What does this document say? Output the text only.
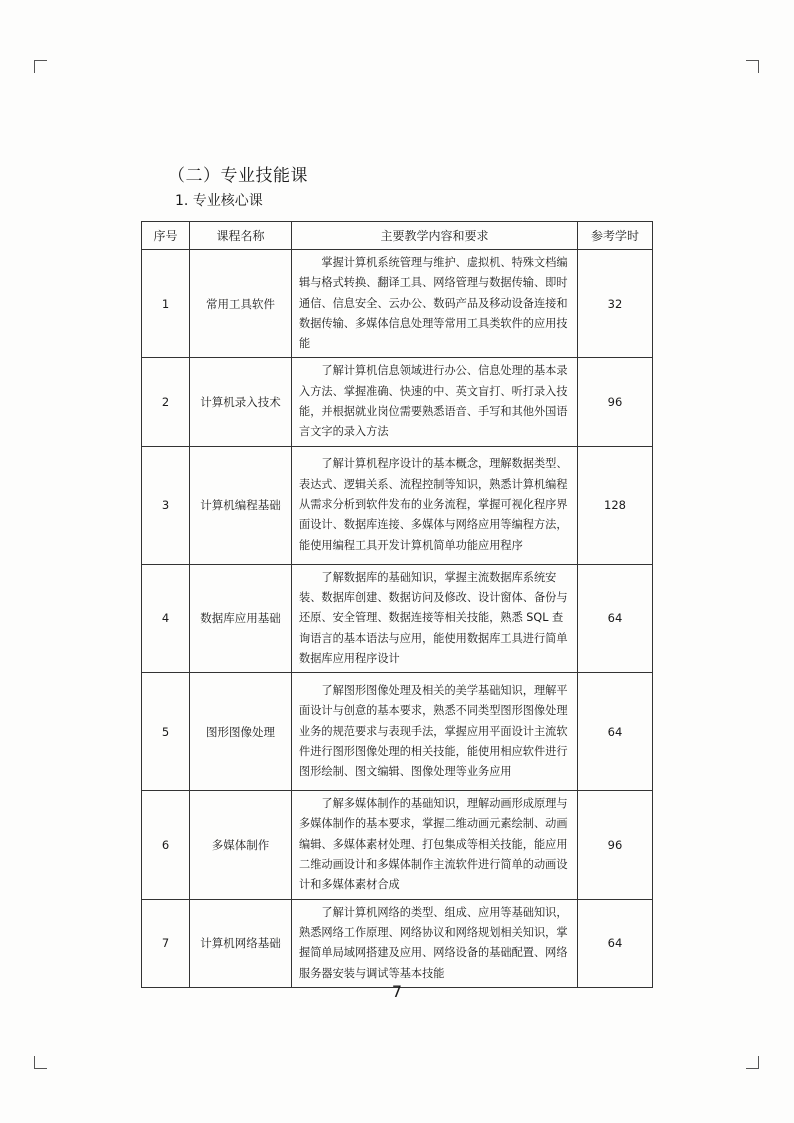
（二）专业技能课
1. 专业核心课
序号	课程名称	主要教学内容和要求	参考学时
1	常用工具软件	掌握计算机系统管理与维护、虚拟机、特殊文档编辑与格式转换、翻译工具、网络管理与数据传输、即时通信、信息安全、云办公、数码产品及移动设备连接和数据传输、多媒体信息处理等常用工具类软件的应用技能	32
2	计算机录入技术	了解计算机信息领域进行办公、信息处理的基本录入方法、掌握准确、快速的中、英文盲打、听打录入技能，并根据就业岗位需要熟悉语音、手写和其他外国语言文字的录入方法	96
3	计算机编程基础	了解计算机程序设计的基本概念，理解数据类型、表达式、逻辑关系、流程控制等知识，熟悉计算机编程从需求分析到软件发布的业务流程，掌握可视化程序界面设计、数据库连接、多媒体与网络应用等编程方法，能使用编程工具开发计算机简单功能应用程序	128
4	数据库应用基础	了解数据库的基础知识，掌握主流数据库系统安装、数据库创建、数据访问及修改、设计窗体、备份与还原、安全管理、数据连接等相关技能，熟悉 SQL 查询语言的基本语法与应用，能使用数据库工具进行简单数据库应用程序设计	64
5	图形图像处理	了解图形图像处理及相关的美学基础知识，理解平面设计与创意的基本要求，熟悉不同类型图形图像处理业务的规范要求与表现手法，掌握应用平面设计主流软件进行图形图像处理的相关技能，能使用相应软件进行图形绘制、图文编辑、图像处理等业务应用	64
6	多媒体制作	了解多媒体制作的基础知识，理解动画形成原理与多媒体制作的基本要求，掌握二维动画元素绘制、动画编辑、多媒体素材处理、打包集成等相关技能，能应用二维动画设计和多媒体制作主流软件进行简单的动画设计和多媒体素材合成	96
7	计算机网络基础	了解计算机网络的类型、组成、应用等基础知识，熟悉网络工作原理、网络协议和网络规划相关知识，掌握简单局域网搭建及应用、网络设备的基础配置、网络服务器安装与调试等基本技能	64
7
